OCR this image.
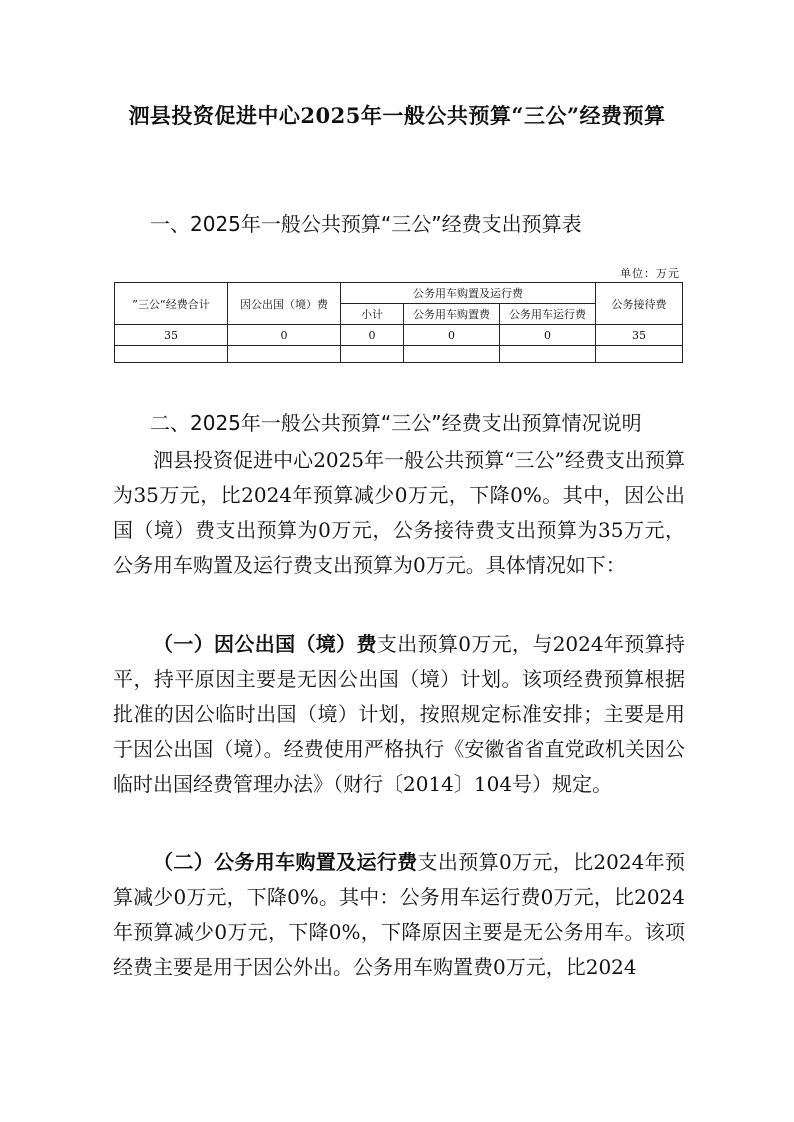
泗县投资促进中心2025年一般公共预算“三公”经费预算
一、2025年一般公共预算“三公”经费支出预算表
单位：万元
”三公“经费合计	因公出国（境）费	公务用车购置及运行费			公务接待费
		小计	公务用车购置费	公务用车运行费	
35	0	0	0	0	35

二、2025年一般公共预算“三公”经费支出预算情况说明

泗县投资促进中心2025年一般公共预算“三公”经费支出预算为35万元，比2024年预算减少0万元，下降0%。其中，因公出国（境）费支出预算为0万元，公务接待费支出预算为35万元，公务用车购置及运行费支出预算为0万元。具体情况如下：

（一）因公出国（境）费支出预算0万元，与2024年预算持平，持平原因主要是无因公出国（境）计划。该项经费预算根据批准的因公临时出国（境）计划，按照规定标准安排；主要是用于因公出国（境）。经费使用严格执行《安徽省省直党政机关因公临时出国经费管理办法》（财行〔2014〕104号）规定。

（二）公务用车购置及运行费支出预算0万元，比2024年预算减少0万元，下降0%。其中：公务用车运行费0万元，比2024年预算减少0万元，下降0%，下降原因主要是无公务用车。该项经费主要是用于因公外出。公务用车购置费0万元，比2024
